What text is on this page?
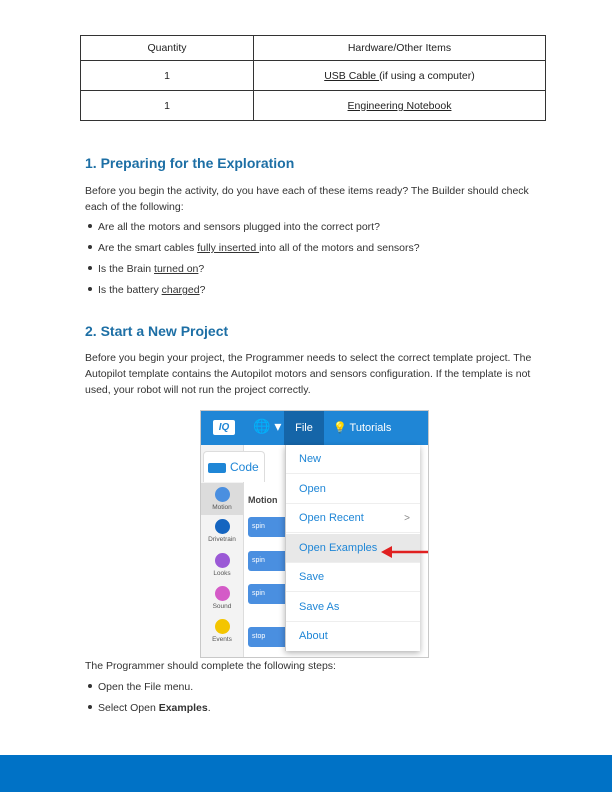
Quantity	Hardware/Other Items
1	USB Cable (if using a computer)
1	Engineering Notebook
1. Preparing for the Exploration
Before you begin the activity, do you have each of these items ready? The Builder should check each of the following:
Are all the motors and sensors plugged into the correct port?
Are the smart cables fully inserted into all of the motors and sensors?
Is the Brain turned on?
Is the battery charged?
2. Start a New Project
Before you begin your project, the Programmer needs to select the correct template project. The Autopilot template contains the Autopilot motors and sensors configuration. If the template is not used, your robot will not run the project correctly.
IQ	🌐 ▾	File	💡 Tutorials
Code
Motion
Drivetrain
Looks
Sound
Events
Motion
spin
spin
spin
stop
New
Open
Open Recent	>
Open Examples
Save
Save As
About
The Programmer should complete the following steps:
Open the File menu.
Select Open Examples.
